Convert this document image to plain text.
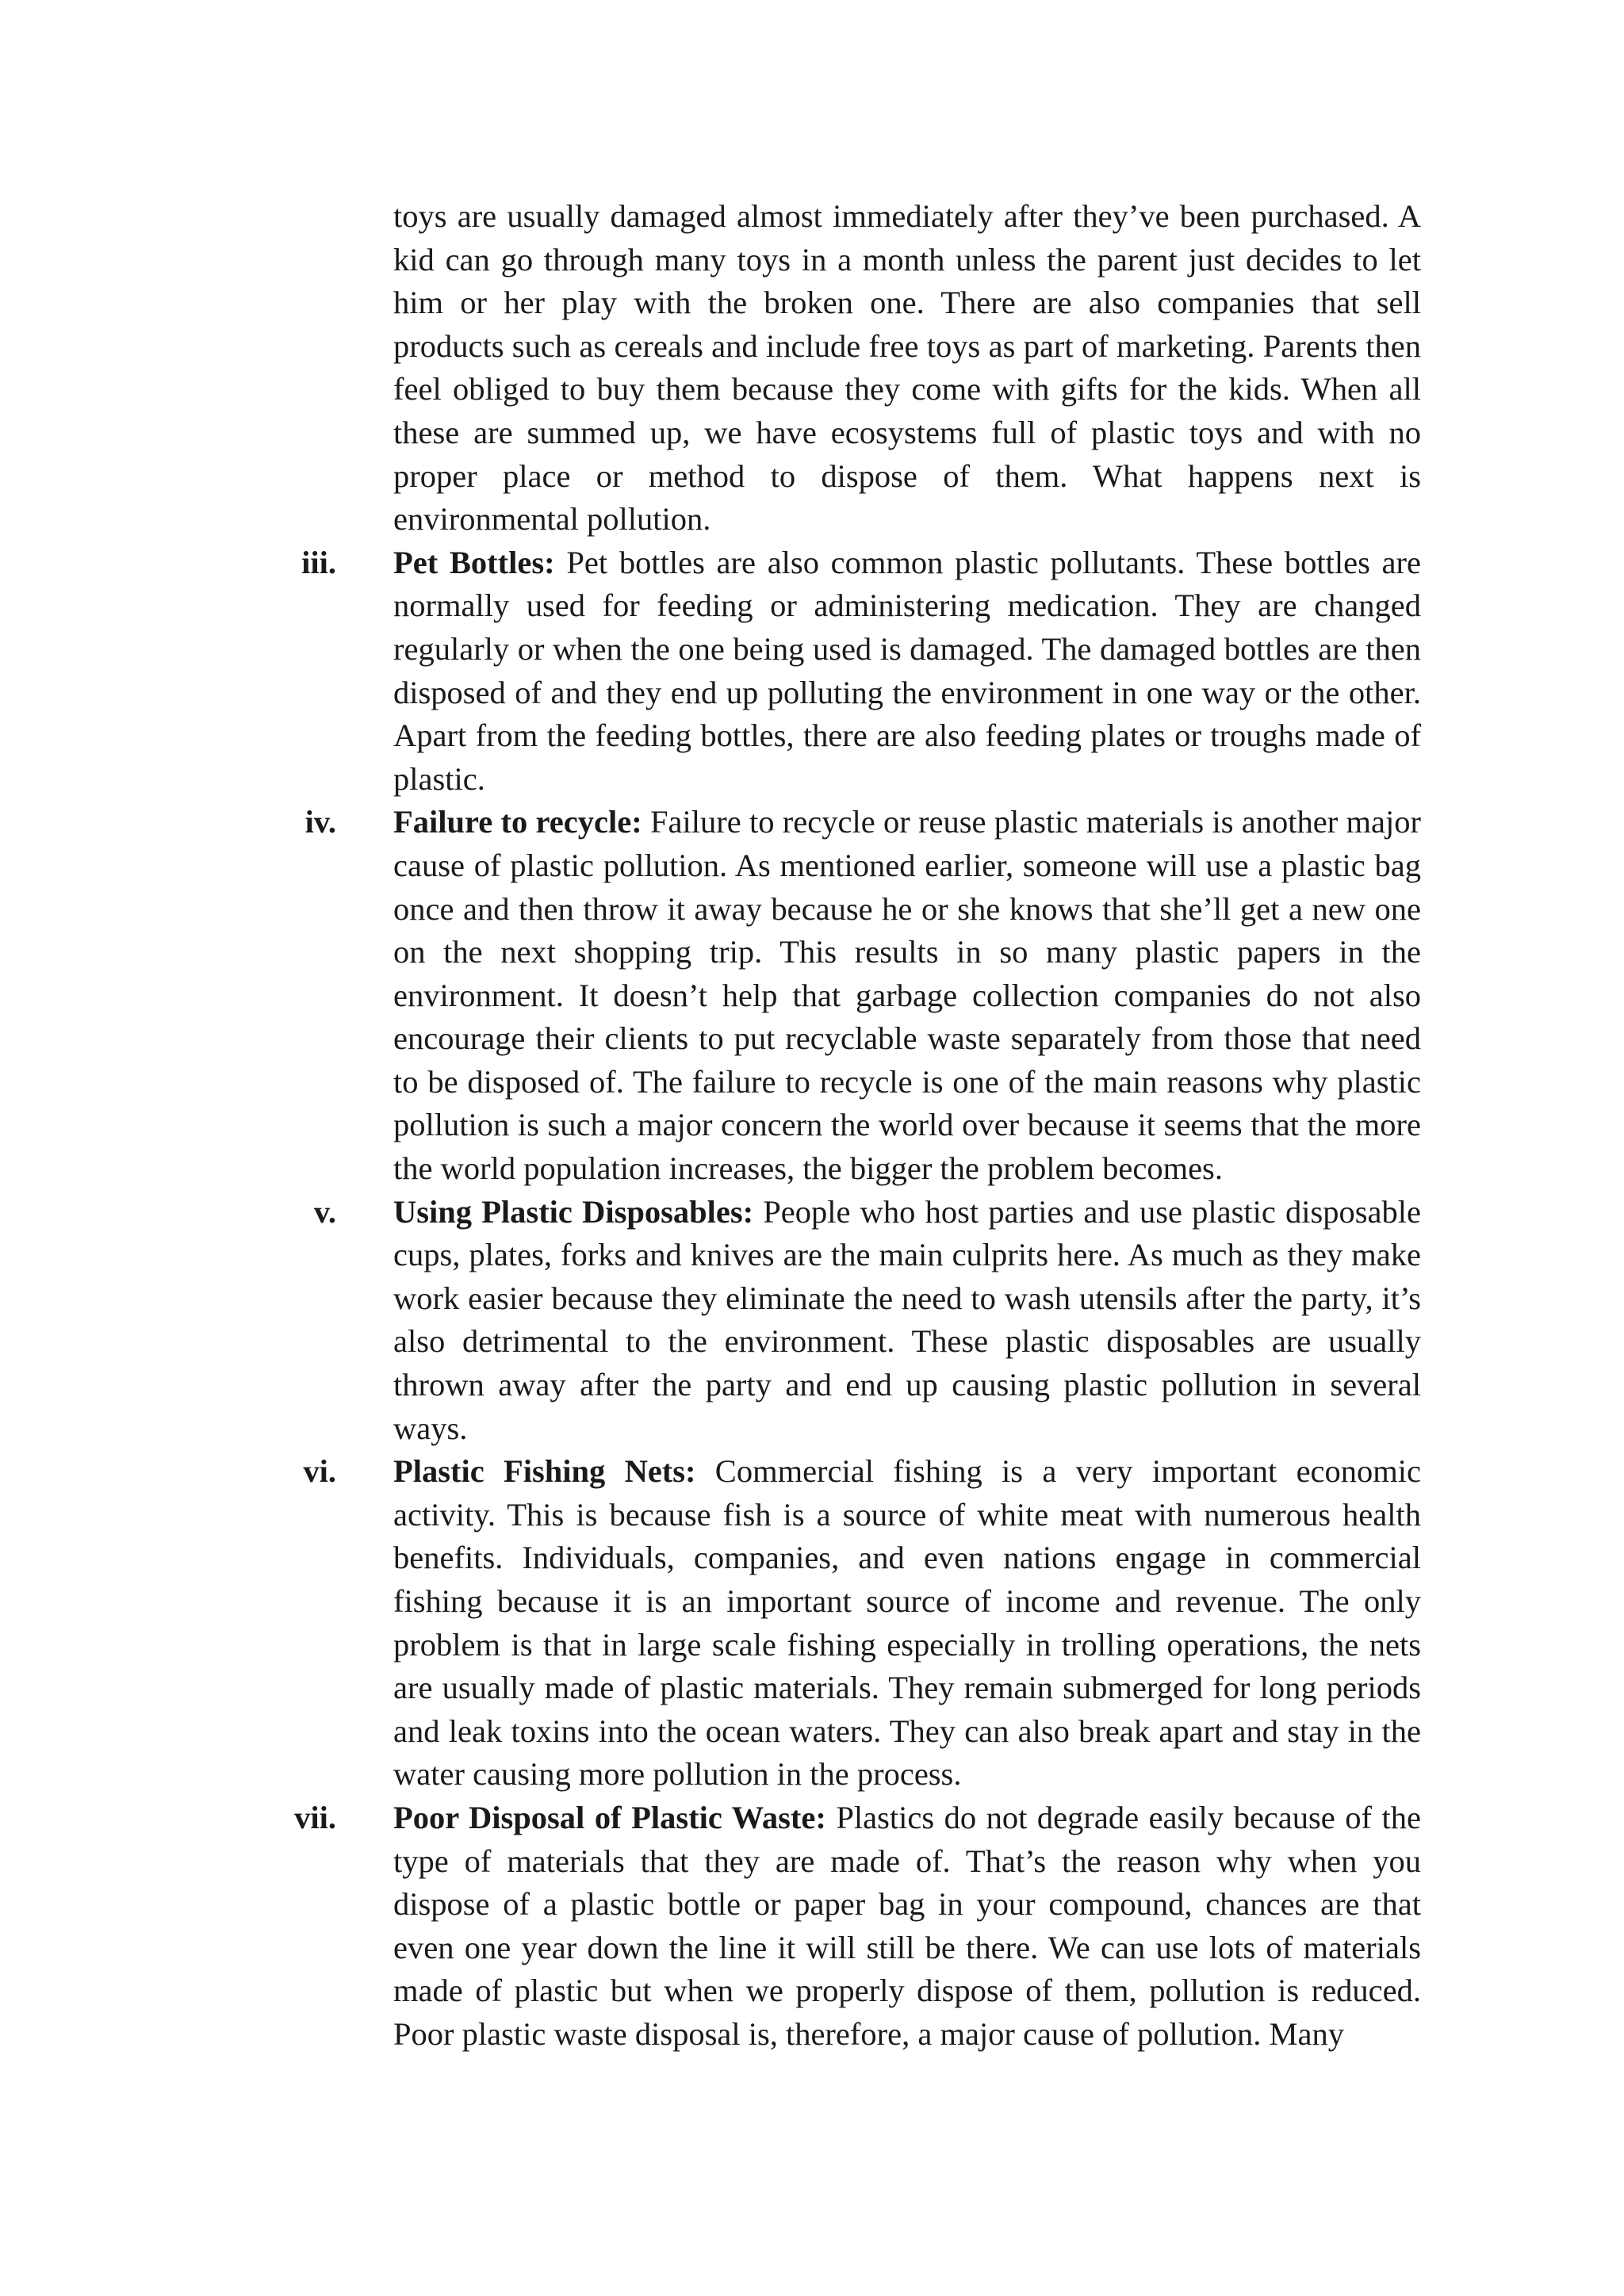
toys are usually damaged almost immediately after they’ve been purchased. A kid can go through many toys in a month unless the parent just decides to let him or her play with the broken one. There are also companies that sell products such as cereals and include free toys as part of marketing. Parents then feel obliged to buy them because they come with gifts for the kids. When all these are summed up, we have ecosystems full of plastic toys and with no proper place or method to dispose of them. What happens next is environmental pollution.

iii. Pet Bottles: Pet bottles are also common plastic pollutants. These bottles are normally used for feeding or administering medication. They are changed regularly or when the one being used is damaged. The damaged bottles are then disposed of and they end up polluting the environment in one way or the other. Apart from the feeding bottles, there are also feeding plates or troughs made of plastic.

iv. Failure to recycle: Failure to recycle or reuse plastic materials is another major cause of plastic pollution. As mentioned earlier, someone will use a plastic bag once and then throw it away because he or she knows that she’ll get a new one on the next shopping trip. This results in so many plastic papers in the environment. It doesn’t help that garbage collection companies do not also encourage their clients to put recyclable waste separately from those that need to be disposed of. The failure to recycle is one of the main reasons why plastic pollution is such a major concern the world over because it seems that the more the world population increases, the bigger the problem becomes.

v. Using Plastic Disposables: People who host parties and use plastic disposable cups, plates, forks and knives are the main culprits here. As much as they make work easier because they eliminate the need to wash utensils after the party, it’s also detrimental to the environment. These plastic disposables are usually thrown away after the party and end up causing plastic pollution in several ways.

vi. Plastic Fishing Nets: Commercial fishing is a very important economic activity. This is because fish is a source of white meat with numerous health benefits. Individuals, companies, and even nations engage in commercial fishing because it is an important source of income and revenue. The only problem is that in large scale fishing especially in trolling operations, the nets are usually made of plastic materials. They remain submerged for long periods and leak toxins into the ocean waters. They can also break apart and stay in the water causing more pollution in the process.

vii. Poor Disposal of Plastic Waste: Plastics do not degrade easily because of the type of materials that they are made of. That’s the reason why when you dispose of a plastic bottle or paper bag in your compound, chances are that even one year down the line it will still be there. We can use lots of materials made of plastic but when we properly dispose of them, pollution is reduced. Poor plastic waste disposal is, therefore, a major cause of pollution. Many
